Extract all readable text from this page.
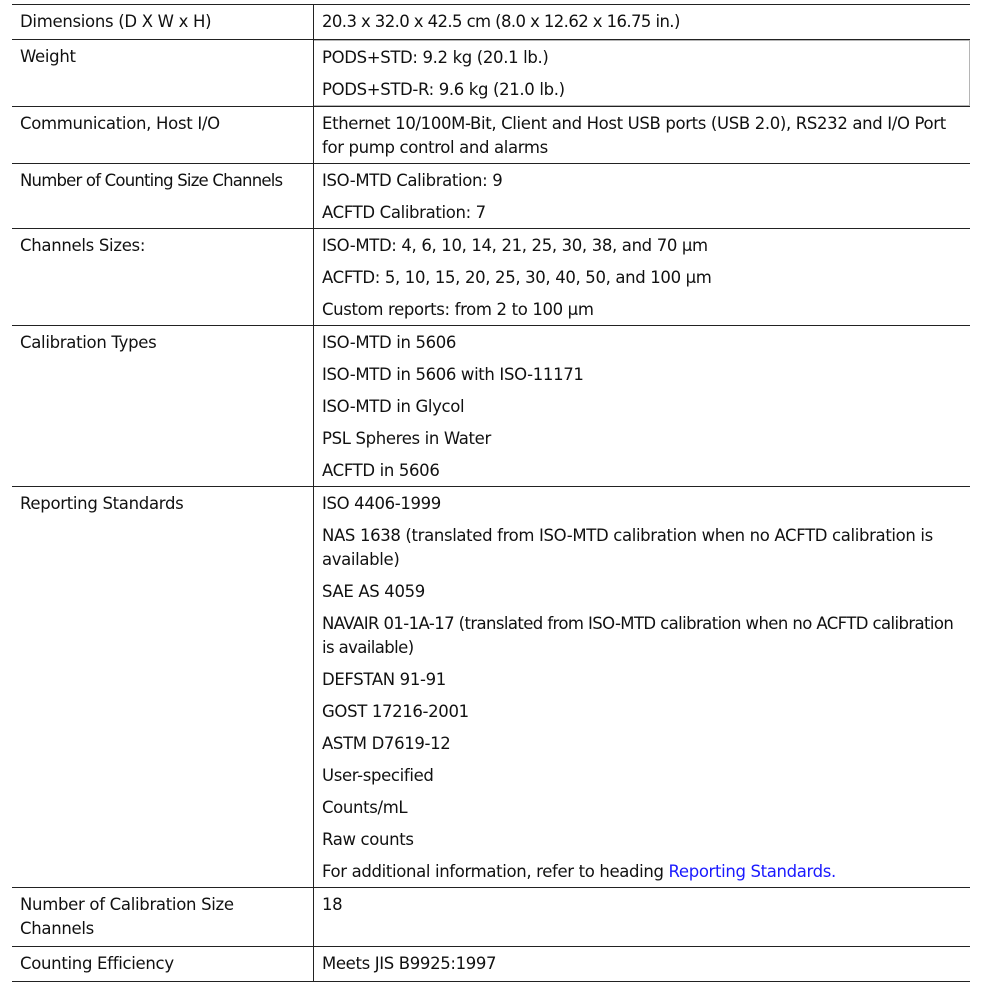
Dimensions (D X W x H)	20.3 x 32.0 x 42.5 cm (8.0 x 12.62 x 16.75 in.)

Weight	PODS+STD: 9.2 kg (20.1 lb.)
PODS+STD-R: 9.6 kg (21.0 lb.)

Communication, Host I/O	Ethernet 10/100M-Bit, Client and Host USB ports (USB 2.0), RS232 and I/O Port for pump control and alarms

Number of Counting Size Channels	ISO-MTD Calibration: 9
ACFTD Calibration: 7

Channels Sizes:	ISO-MTD: 4, 6, 10, 14, 21, 25, 30, 38, and 70 µm
ACFTD: 5, 10, 15, 20, 25, 30, 40, 50, and 100 µm
Custom reports: from 2 to 100 µm

Calibration Types	ISO-MTD in 5606
ISO-MTD in 5606 with ISO-11171
ISO-MTD in Glycol
PSL Spheres in Water
ACFTD in 5606

Reporting Standards	ISO 4406-1999
NAS 1638 (translated from ISO-MTD calibration when no ACFTD calibration is available)
SAE AS 4059
NAVAIR 01-1A-17 (translated from ISO-MTD calibration when no ACFTD calibration is available)
DEFSTAN 91-91
GOST 17216-2001
ASTM D7619-12
User-specified
Counts/mL
Raw counts
For additional information, refer to heading Reporting Standards.

Number of Calibration Size Channels	18

Counting Efficiency	Meets JIS B9925:1997
